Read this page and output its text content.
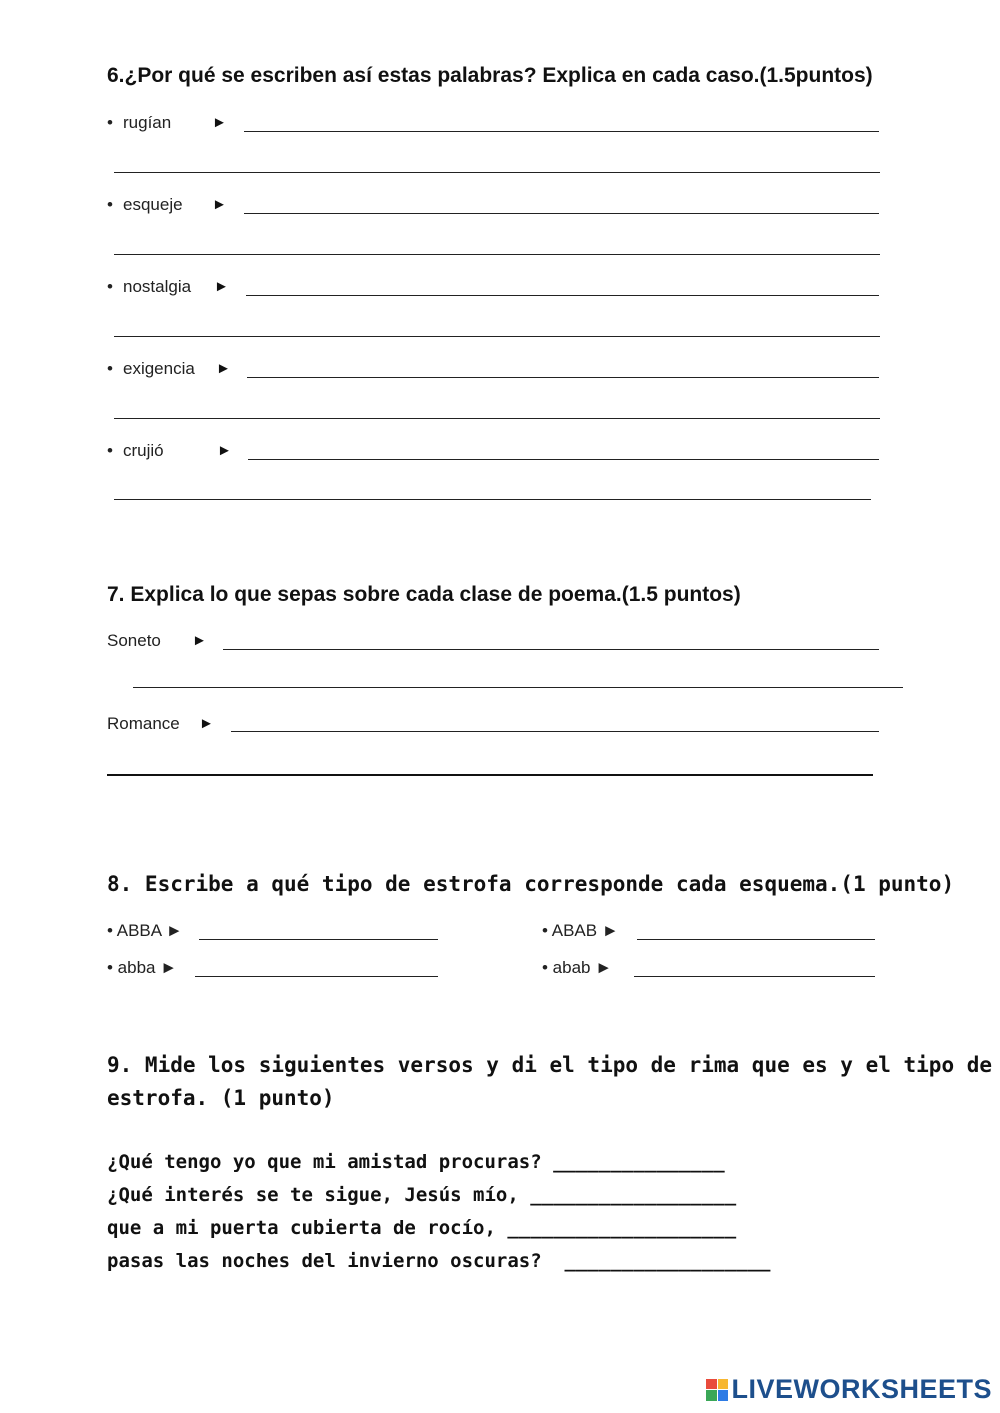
6.¿Por qué se escriben así estas palabras? Explica en cada caso.(1.5puntos)
• rugían	►
• esqueje ►
• nostalgia ►
• exigencia ►
• crujió	►
7. Explica lo que sepas sobre cada clase de poema.(1.5 puntos)
Soneto ►
Romance ►
8. Escribe a qué tipo de estrofa corresponde cada esquema.(1 punto)
• ABBA ►	• ABAB ►
• abba ►	• abab ►
9. Mide los siguientes versos y di el tipo de rima que es y el tipo de
estrofa. (1 punto)
¿Qué tengo yo que mi amistad procuras? _______________
¿Qué interés se te sigue, Jesús mío, __________________
que a mi puerta cubierta de rocío, ____________________
pasas las noches del invierno oscuras?  __________________
LIVEWORKSHEETS
